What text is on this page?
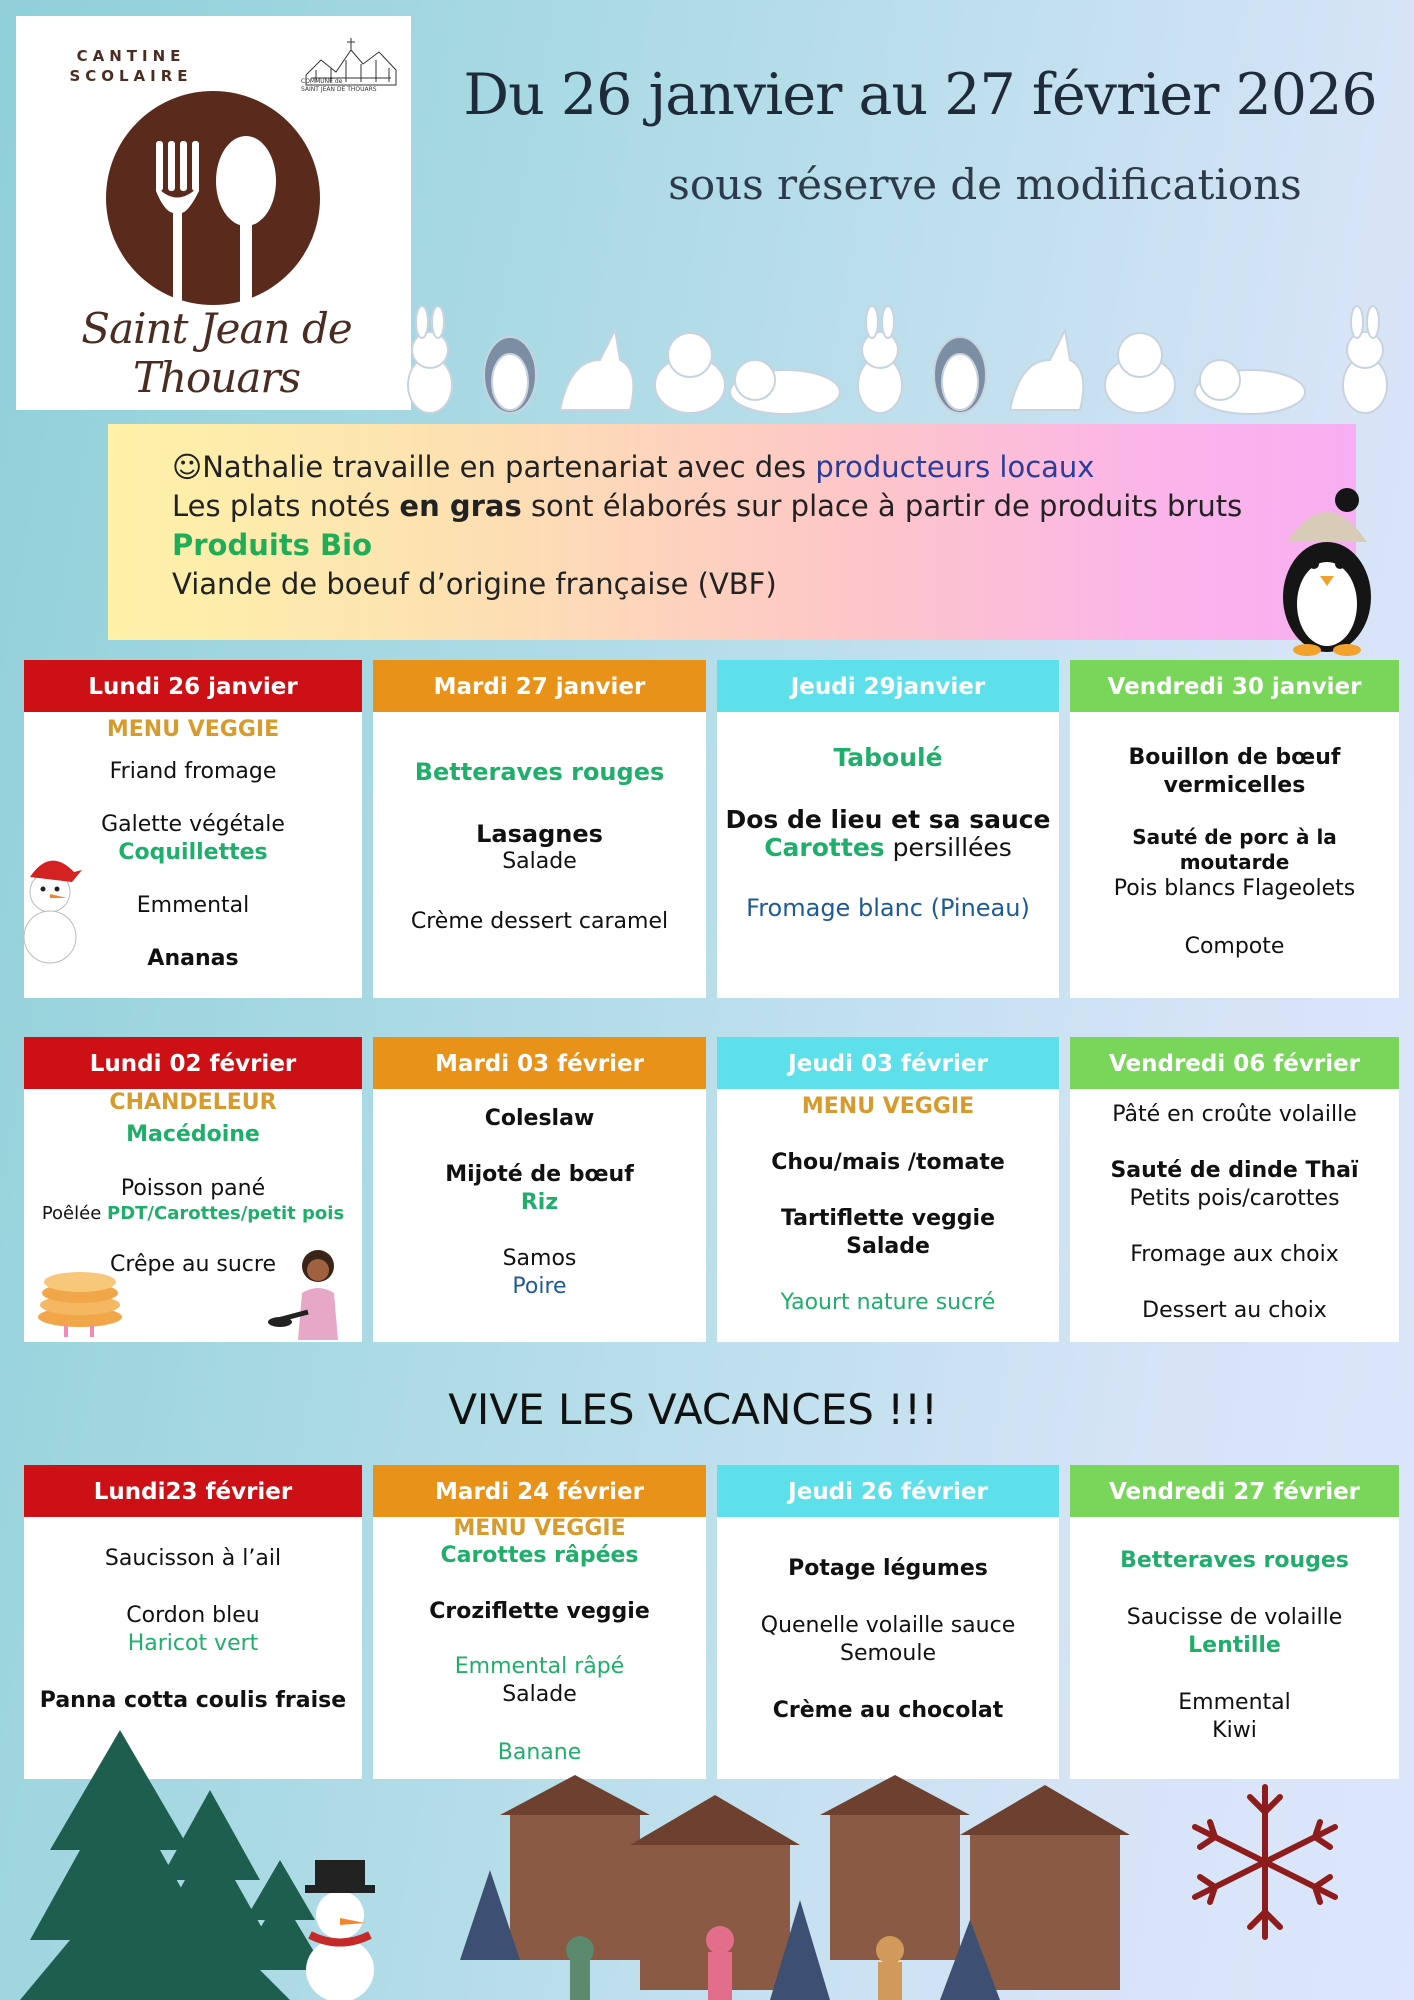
CANTINE
SCOLAIRE	COMMUNE de
SAINT JEAN DE THOUARS
Saint Jean de Thouars
Du 26 janvier au 27 février 2026
sous réserve de modifications
☺Nathalie travaille en partenariat avec des producteurs locaux
Les plats notés en gras sont élaborés sur place à partir de produits bruts
Produits Bio
Viande de boeuf d’origine française (VBF)
Lundi 26 janvier
MENU VEGGIE
Friand fromage
Galette végétale
Coquillettes
Emmental
Ananas
Mardi 27 janvier
Betteraves rouges
Lasagnes
Salade
Crème dessert caramel
Jeudi 29janvier
Taboulé
Dos de lieu et sa sauce
Carottes persillées
Fromage blanc (Pineau)
Vendredi 30 janvier
Bouillon de bœuf
vermicelles
Sauté de porc à la
moutarde
Pois blancs Flageolets
Compote
Lundi 02 février
CHANDELEUR
Macédoine
Poisson pané
Poêlée PDT/Carottes/petit pois
Crêpe au sucre
Mardi 03 février
Coleslaw
Mijoté de bœuf
Riz
Samos
Poire
Jeudi 03 février
MENU VEGGIE
Chou/mais /tomate
Tartiflette veggie
Salade
Yaourt nature sucré
Vendredi 06 février
Pâté en croûte volaille
Sauté de dinde Thaï
Petits pois/carottes
Fromage aux choix
Dessert au choix
VIVE LES VACANCES !!!
Lundi23 février
Saucisson à l’ail
Cordon bleu
Haricot vert
Panna cotta coulis fraise
Mardi 24 février
MENU VEGGIE
Carottes râpées
Croziflette veggie
Emmental râpé
Salade
Banane
Jeudi 26 février
Potage légumes
Quenelle volaille sauce
Semoule
Crème au chocolat
Vendredi 27 février
Betteraves rouges
Saucisse de volaille
Lentille
Emmental
Kiwi
